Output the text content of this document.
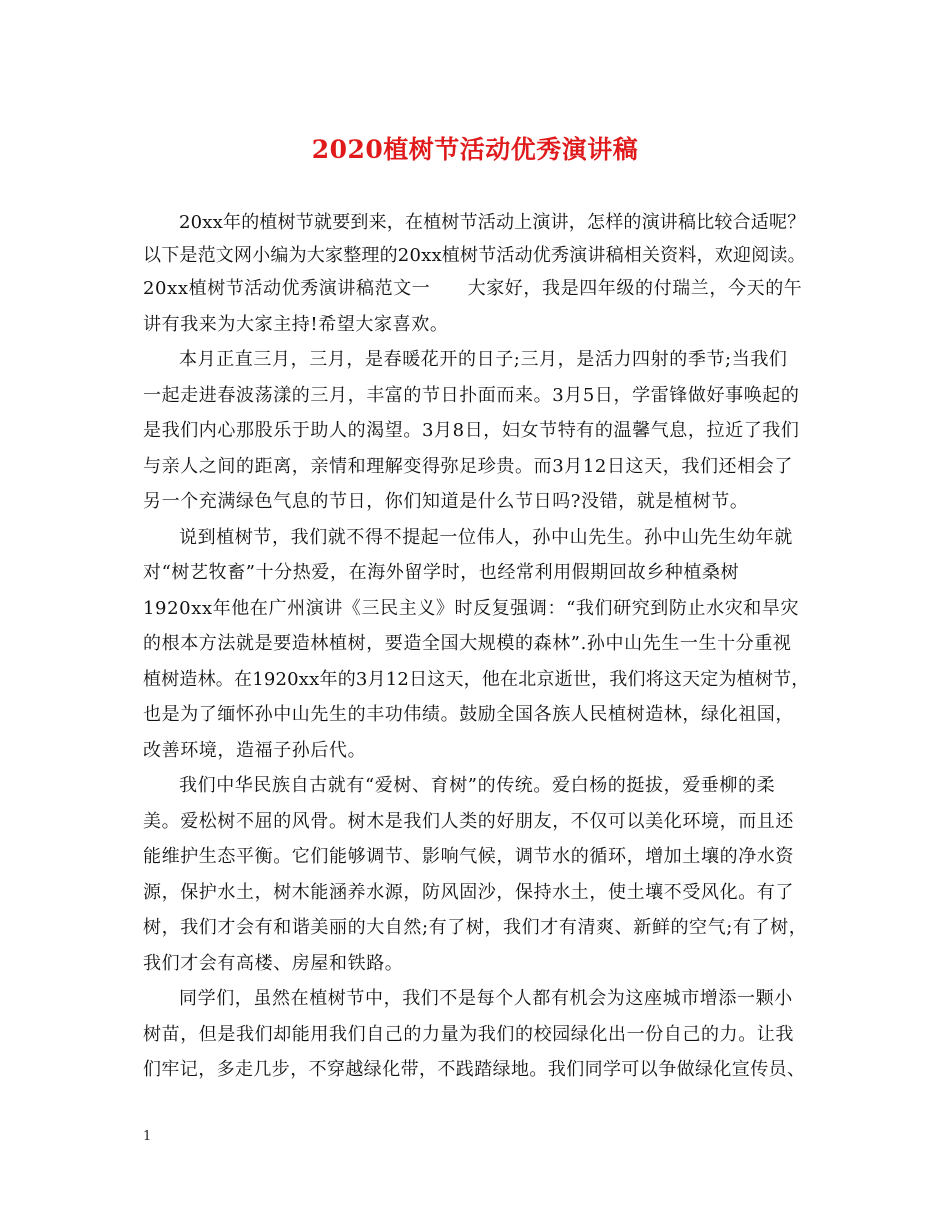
2020植树节活动优秀演讲稿
20xx年的植树节就要到来，在植树节活动上演讲，怎样的演讲稿比较合适呢？
以下是范文网小编为大家整理的20xx植树节活动优秀演讲稿相关资料，欢迎阅读。
20xx植树节活动优秀演讲稿范文一　　大家好，我是四年级的付瑞兰，今天的午
讲有我来为大家主持!希望大家喜欢。
本月正直三月，三月，是春暖花开的日子;三月，是活力四射的季节;当我们
一起走进春波荡漾的三月，丰富的节日扑面而来。3月5日，学雷锋做好事唤起的
是我们内心那股乐于助人的渴望。3月8日，妇女节特有的温馨气息，拉近了我们
与亲人之间的距离，亲情和理解变得弥足珍贵。而3月12日这天，我们还相会了
另一个充满绿色气息的节日，你们知道是什么节日吗?没错，就是植树节。
说到植树节，我们就不得不提起一位伟人，孙中山先生。孙中山先生幼年就
对“树艺牧畜”十分热爱，在海外留学时，也经常利用假期回故乡种植桑树
1920xx年他在广州演讲《三民主义》时反复强调：“我们研究到防止水灾和旱灾
的根本方法就是要造林植树，要造全国大规模的森林”.孙中山先生一生十分重视
植树造林。在1920xx年的3月12日这天，他在北京逝世，我们将这天定为植树节，
也是为了缅怀孙中山先生的丰功伟绩。鼓励全国各族人民植树造林，绿化祖国，
改善环境，造福子孙后代。
我们中华民族自古就有“爱树、育树”的传统。爱白杨的挺拔，爱垂柳的柔
美。爱松树不屈的风骨。树木是我们人类的好朋友，不仅可以美化环境，而且还
能维护生态平衡。它们能够调节、影响气候，调节水的循环，增加土壤的净水资
源，保护水土，树木能涵养水源，防风固沙，保持水土，使土壤不受风化。有了
树，我们才会有和谐美丽的大自然;有了树，我们才有清爽、新鲜的空气;有了树，
我们才会有高楼、房屋和铁路。
同学们，虽然在植树节中，我们不是每个人都有机会为这座城市增添一颗小
树苗，但是我们却能用我们自己的力量为我们的校园绿化出一份自己的力。让我
们牢记，多走几步，不穿越绿化带，不践踏绿地。我们同学可以争做绿化宣传员、
1
